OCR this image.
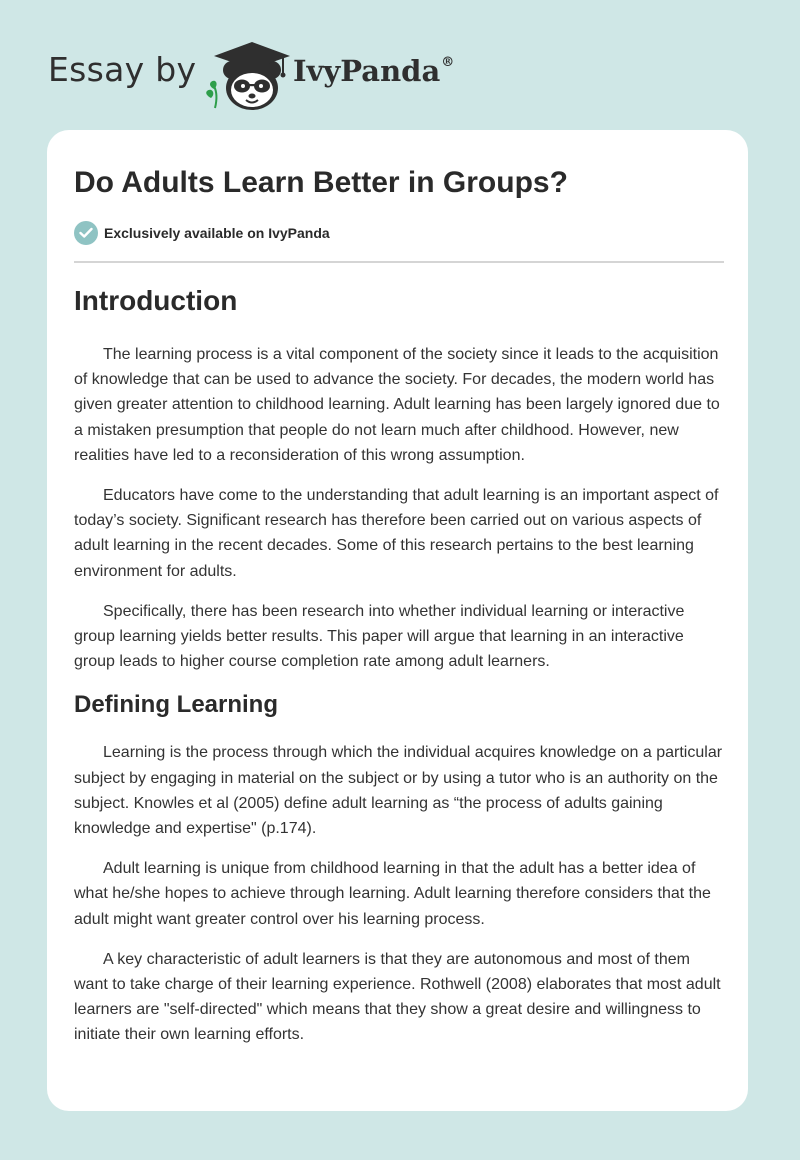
Essay by	IvyPanda®
Do Adults Learn Better in Groups?
Exclusively available on IvyPanda
Introduction

The learning process is a vital component of the society since it leads to the acquisition of knowledge that can be used to advance the society. For decades, the modern world has given greater attention to childhood learning. Adult learning has been largely ignored due to a mistaken presumption that people do not learn much after childhood. However, new realities have led to a reconsideration of this wrong assumption.

Educators have come to the understanding that adult learning is an important aspect of today’s society. Significant research has therefore been carried out on various aspects of adult learning in the recent decades. Some of this research pertains to the best learning environment for adults.

Specifically, there has been research into whether individual learning or interactive group learning yields better results. This paper will argue that learning in an interactive group leads to higher course completion rate among adult learners.

Defining Learning

Learning is the process through which the individual acquires knowledge on a particular subject by engaging in material on the subject or by using a tutor who is an authority on the subject. Knowles et al (2005) define adult learning as “the process of adults gaining knowledge and expertise" (p.174).

Adult learning is unique from childhood learning in that the adult has a better idea of what he/she hopes to achieve through learning. Adult learning therefore considers that the adult might want greater control over his learning process.

A key characteristic of adult learners is that they are autonomous and most of them want to take charge of their learning experience. Rothwell (2008) elaborates that most adult learners are "self-directed" which means that they show a great desire and willingness to initiate their own learning efforts.
